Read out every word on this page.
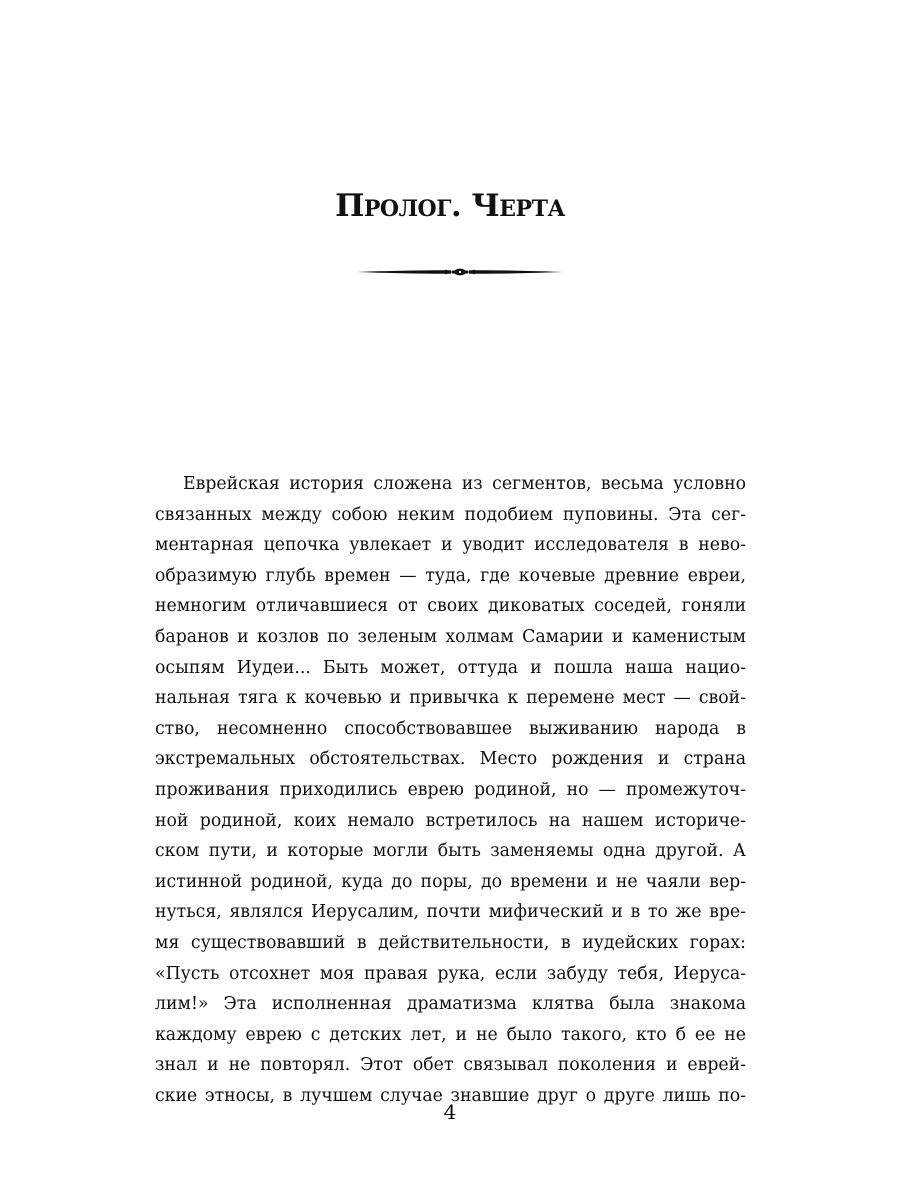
Пролог. Черта
Еврейская история сложена из сегментов, весьма условно
связанных между собою неким подобием пуповины. Эта сег-
ментарная цепочка увлекает и уводит исследователя в нево-
образимую глубь времен — туда, где кочевые древние евреи,
немногим отличавшиеся от своих диковатых соседей, гоняли
баранов и козлов по зеленым холмам Самарии и каменистым
осыпям Иудеи... Быть может, оттуда и пошла наша нацио-
нальная тяга к кочевью и привычка к перемене мест — свой-
ство, несомненно способствовавшее выживанию народа в
экстремальных обстоятельствах. Место рождения и страна
проживания приходились еврею родиной, но — промежуточ-
ной родиной, коих немало встретилось на нашем историче-
ском пути, и которые могли быть заменяемы одна другой. А
истинной родиной, куда до поры, до времени и не чаяли вер-
нуться, являлся Иерусалим, почти мифический и в то же вре-
мя существовавший в действительности, в иудейских горах:
«Пусть отсохнет моя правая рука, если забуду тебя, Иеруса-
лим!» Эта исполненная драматизма клятва была знакома
каждому еврею с детских лет, и не было такого, кто б ее не
знал и не повторял. Этот обет связывал поколения и еврей-
ские этносы, в лучшем случае знавшие друг о друге лишь по-
4
